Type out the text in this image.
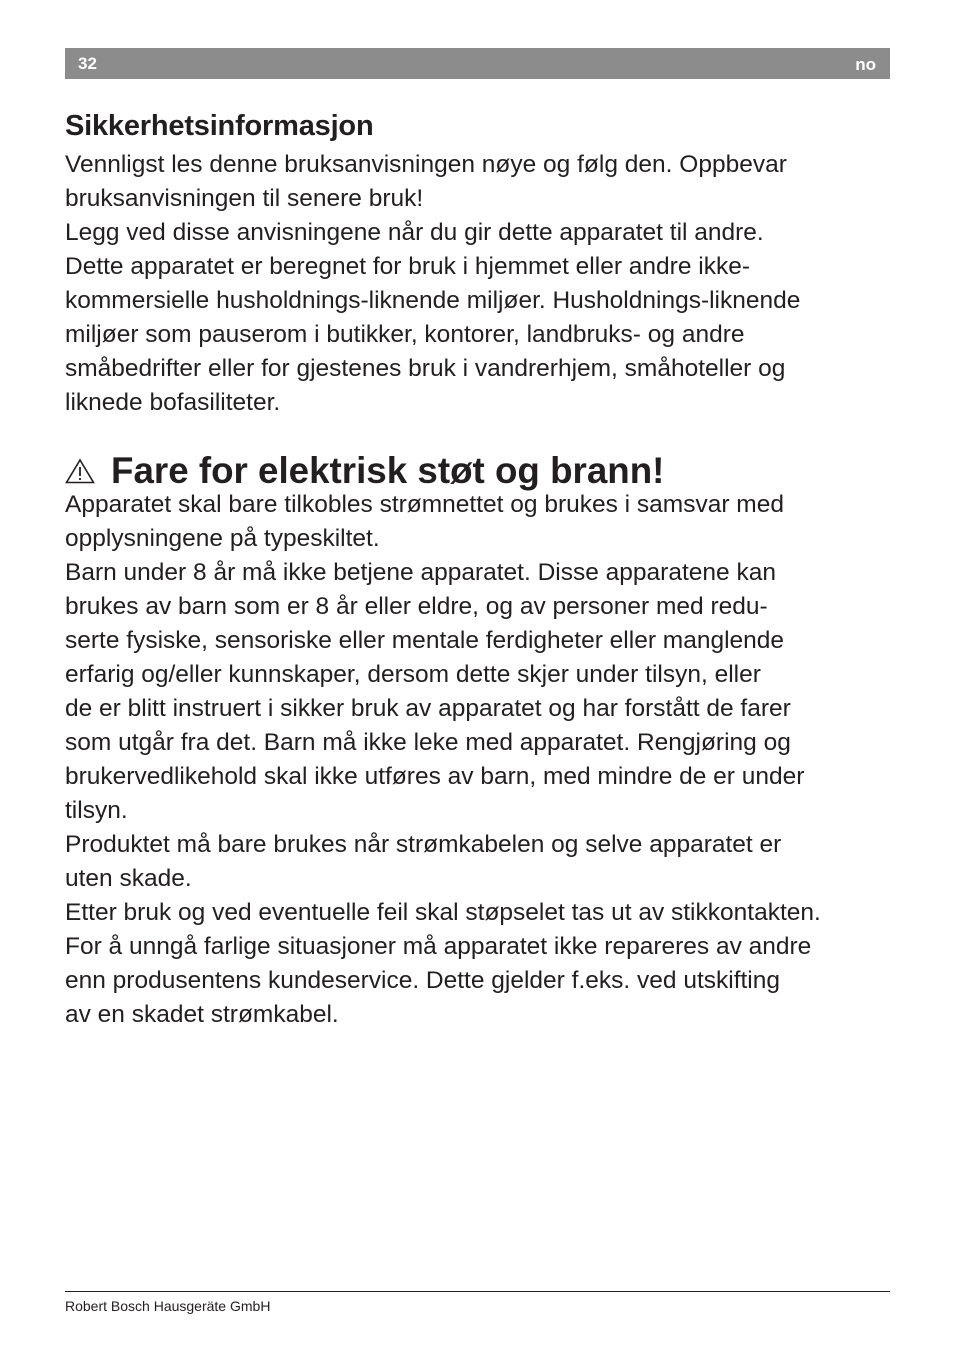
32	no
Sikkerhetsinformasjon

Vennligst les denne bruksanvisningen nøye og følg den. Oppbevar
bruksanvisningen til senere bruk!

Legg ved disse anvisningene når du gir dette apparatet til andre.

Dette apparatet er beregnet for bruk i hjemmet eller andre ikke-
kommersielle husholdnings-liknende miljøer. Husholdnings-liknende
miljøer som pauserom i butikker, kontorer, landbruks- og andre
småbedrifter eller for gjestenes bruk i vandrerhjem, småhoteller og
liknede bofasiliteter.

Fare for elektrisk støt og brann!

Apparatet skal bare tilkobles strømnettet og brukes i samsvar med
opplysningene på typeskiltet.

Barn under 8 år må ikke betjene apparatet. Disse apparatene kan
brukes av barn som er 8 år eller eldre, og av personer med redu-
serte fysiske, sensoriske eller mentale ferdigheter eller manglende
erfarig og/eller kunnskaper, dersom dette skjer under tilsyn, eller
de er blitt instruert i sikker bruk av apparatet og har forstått de farer
som utgår fra det. Barn må ikke leke med apparatet. Rengjøring og
brukervedlikehold skal ikke utføres av barn, med mindre de er under
tilsyn.

Produktet må bare brukes når strømkabelen og selve apparatet er
uten skade.

Etter bruk og ved eventuelle feil skal støpselet tas ut av stikkontakten.

For å unngå farlige situasjoner må apparatet ikke repareres av andre
enn produsentens kundeservice. Dette gjelder f.eks. ved utskifting
av en skadet strømkabel.

Robert Bosch Hausgeräte GmbH
